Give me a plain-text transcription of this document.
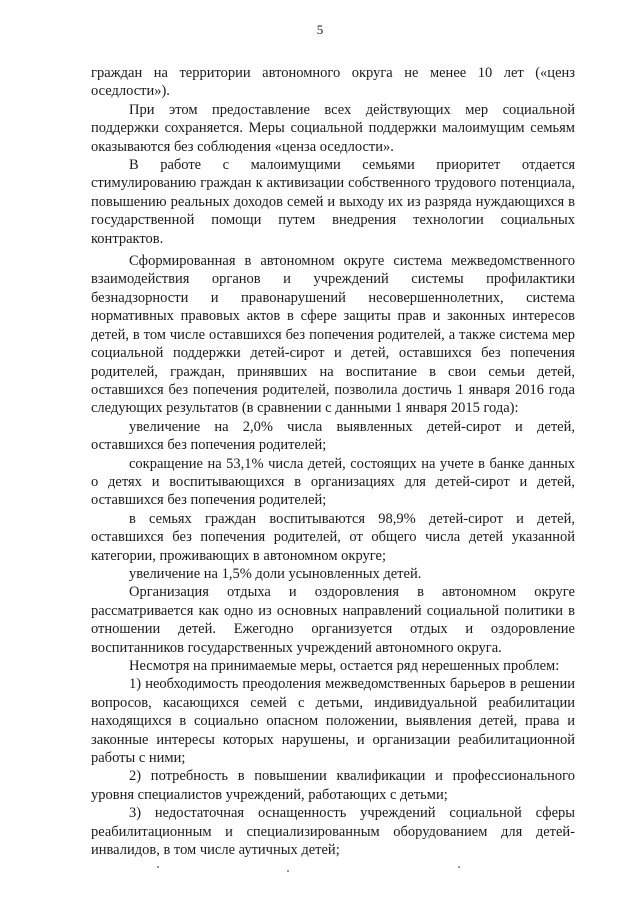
5

граждан на территории автономного округа не менее 10 лет («ценз оседлости»).

При этом предоставление всех действующих мер социальной поддержки сохраняется. Меры социальной поддержки малоимущим семьям оказываются без соблюдения «ценза оседлости».

В работе с малоимущими семьями приоритет отдается стимулированию граждан к активизации собственного трудового потенциала, повышению реальных доходов семей и выходу их из разряда нуждающихся в государственной помощи путем внедрения технологии социальных контрактов.

Сформированная в автономном округе система межведомственного взаимодействия органов и учреждений системы профилактики безнадзорности и правонарушений несовершеннолетних, система нормативных правовых актов в сфере защиты прав и законных интересов детей, в том числе оставшихся без попечения родителей, а также система мер социальной поддержки детей-сирот и детей, оставшихся без попечения родителей, граждан, принявших на воспитание в свои семьи детей, оставшихся без попечения родителей, позволила достичь 1 января 2016 года следующих результатов (в сравнении с данными 1 января 2015 года):

увеличение на 2,0% числа выявленных детей-сирот и детей, оставшихся без попечения родителей;

сокращение на 53,1% числа детей, состоящих на учете в банке данных о детях и воспитывающихся в организациях для детей-сирот и детей, оставшихся без попечения родителей;

в семьях граждан воспитываются 98,9% детей-сирот и детей, оставшихся без попечения родителей, от общего числа детей указанной категории, проживающих в автономном округе;

увеличение на 1,5% доли усыновленных детей.

Организация отдыха и оздоровления в автономном округе рассматривается как одно из основных направлений социальной политики в отношении детей. Ежегодно организуется отдых и оздоровление воспитанников государственных учреждений автономного округа.

Несмотря на принимаемые меры, остается ряд нерешенных проблем:

1) необходимость преодоления межведомственных барьеров в решении вопросов, касающихся семей с детьми, индивидуальной реабилитации находящихся в социально опасном положении, выявления детей, права и законные интересы которых нарушены, и организации реабилитационной работы с ними;

2) потребность в повышении квалификации и профессионального уровня специалистов учреждений, работающих с детьми;

3) недостаточная оснащенность учреждений социальной сферы реабилитационным и специализированным оборудованием для детей-инвалидов, в том числе аутичных детей;
